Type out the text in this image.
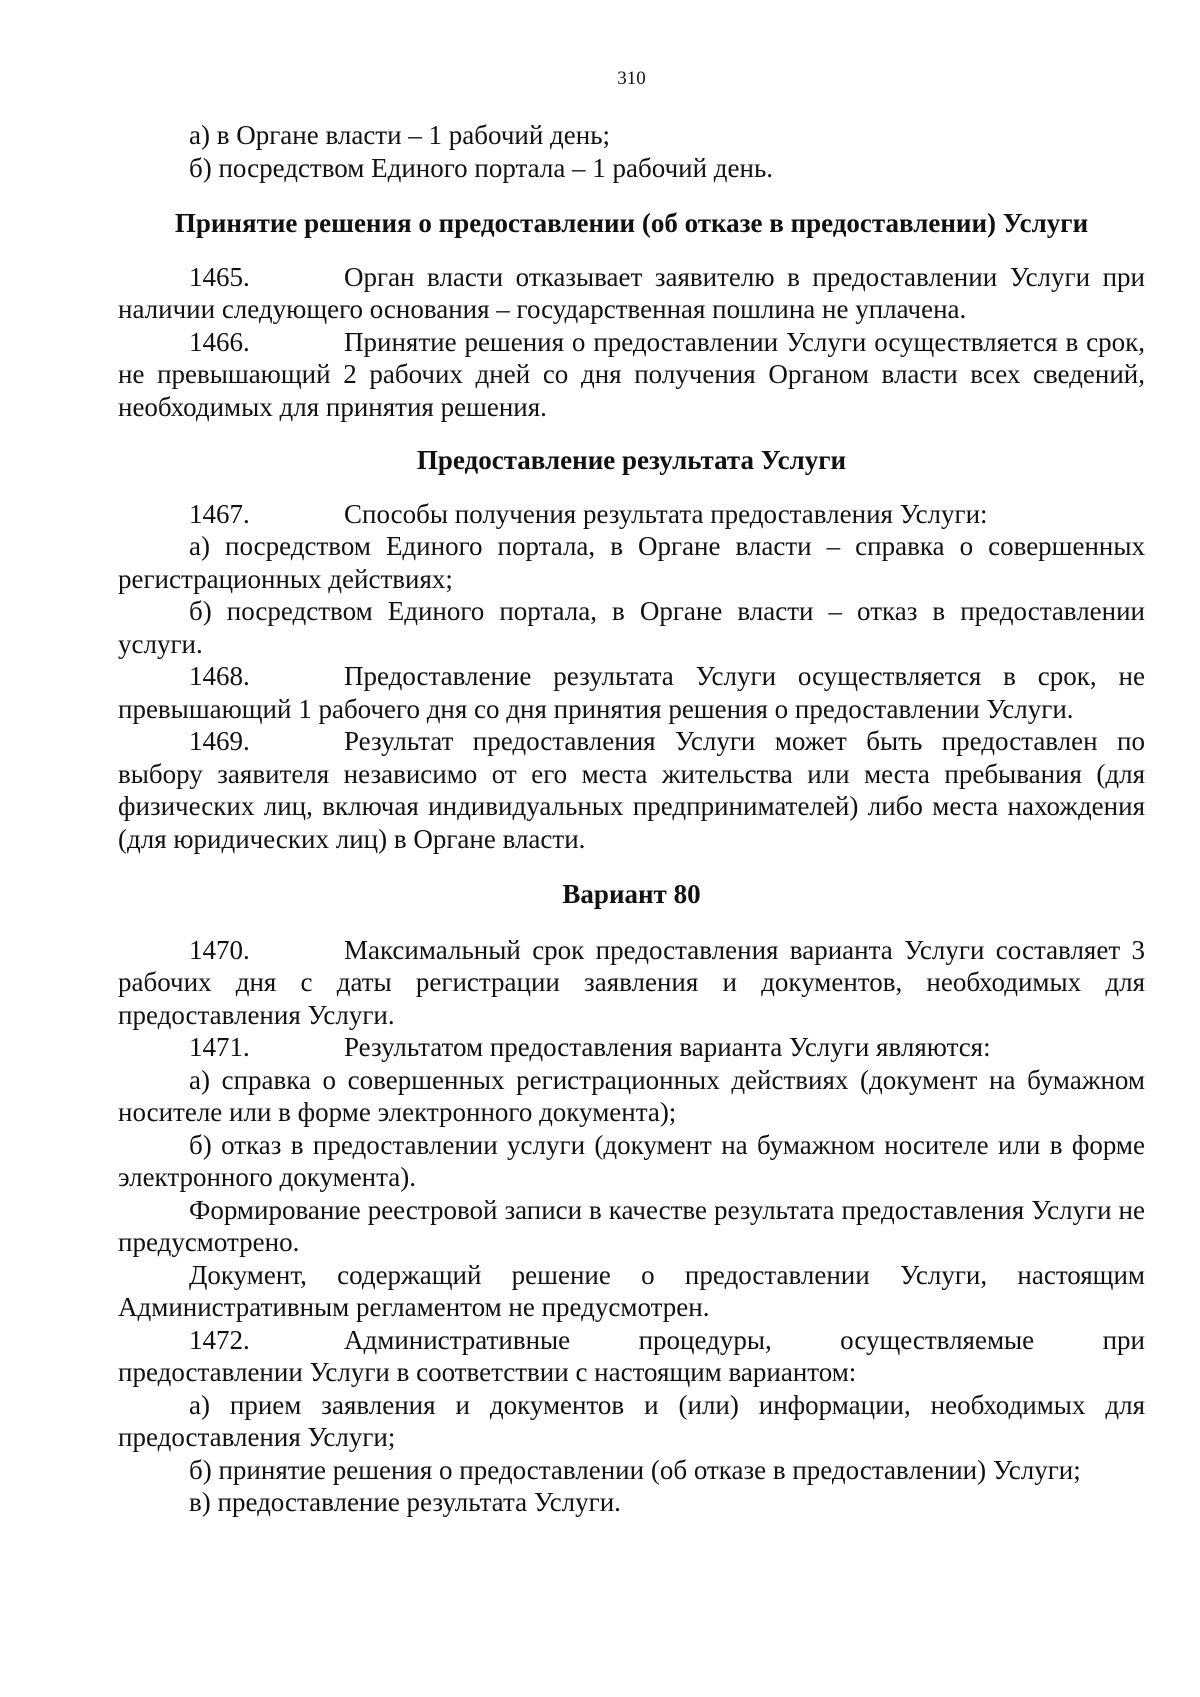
310

а) в Органе власти – 1 рабочий день;

б) посредством Единого портала – 1 рабочий день.

Принятие решения о предоставлении (об отказе в предоставлении) Услуги

1465.	Орган власти отказывает заявителю в предоставлении Услуги при наличии следующего основания – государственная пошлина не уплачена.

1466.	Принятие решения о предоставлении Услуги осуществляется в срок, не превышающий 2 рабочих дней со дня получения Органом власти всех сведений, необходимых для принятия решения.

Предоставление результата Услуги

1467.	Способы получения результата предоставления Услуги:

а) посредством Единого портала, в Органе власти – справка о совершенных регистрационных действиях;

б) посредством Единого портала, в Органе власти – отказ в предоставлении услуги.

1468.	Предоставление результата Услуги осуществляется в срок, не превышающий 1 рабочего дня со дня принятия решения о предоставлении Услуги.

1469.	Результат предоставления Услуги может быть предоставлен по выбору заявителя независимо от его места жительства или места пребывания (для физических лиц, включая индивидуальных предпринимателей) либо места нахождения (для юридических лиц) в Органе власти.

Вариант 80

1470.	Максимальный срок предоставления варианта Услуги составляет 3 рабочих дня с даты регистрации заявления и документов, необходимых для предоставления Услуги.

1471.	Результатом предоставления варианта Услуги являются:

а) справка о совершенных регистрационных действиях (документ на бумажном носителе или в форме электронного документа);

б) отказ в предоставлении услуги (документ на бумажном носителе или в форме электронного документа).

Формирование реестровой записи в качестве результата предоставления Услуги не предусмотрено.

Документ, содержащий решение о предоставлении Услуги, настоящим Административным регламентом не предусмотрен.

1472.	Административные процедуры, осуществляемые при

предоставлении Услуги в соответствии с настоящим вариантом:

а) прием заявления и документов и (или) информации, необходимых для предоставления Услуги;

б) принятие решения о предоставлении (об отказе в предоставлении) Услуги;

в) предоставление результата Услуги.
